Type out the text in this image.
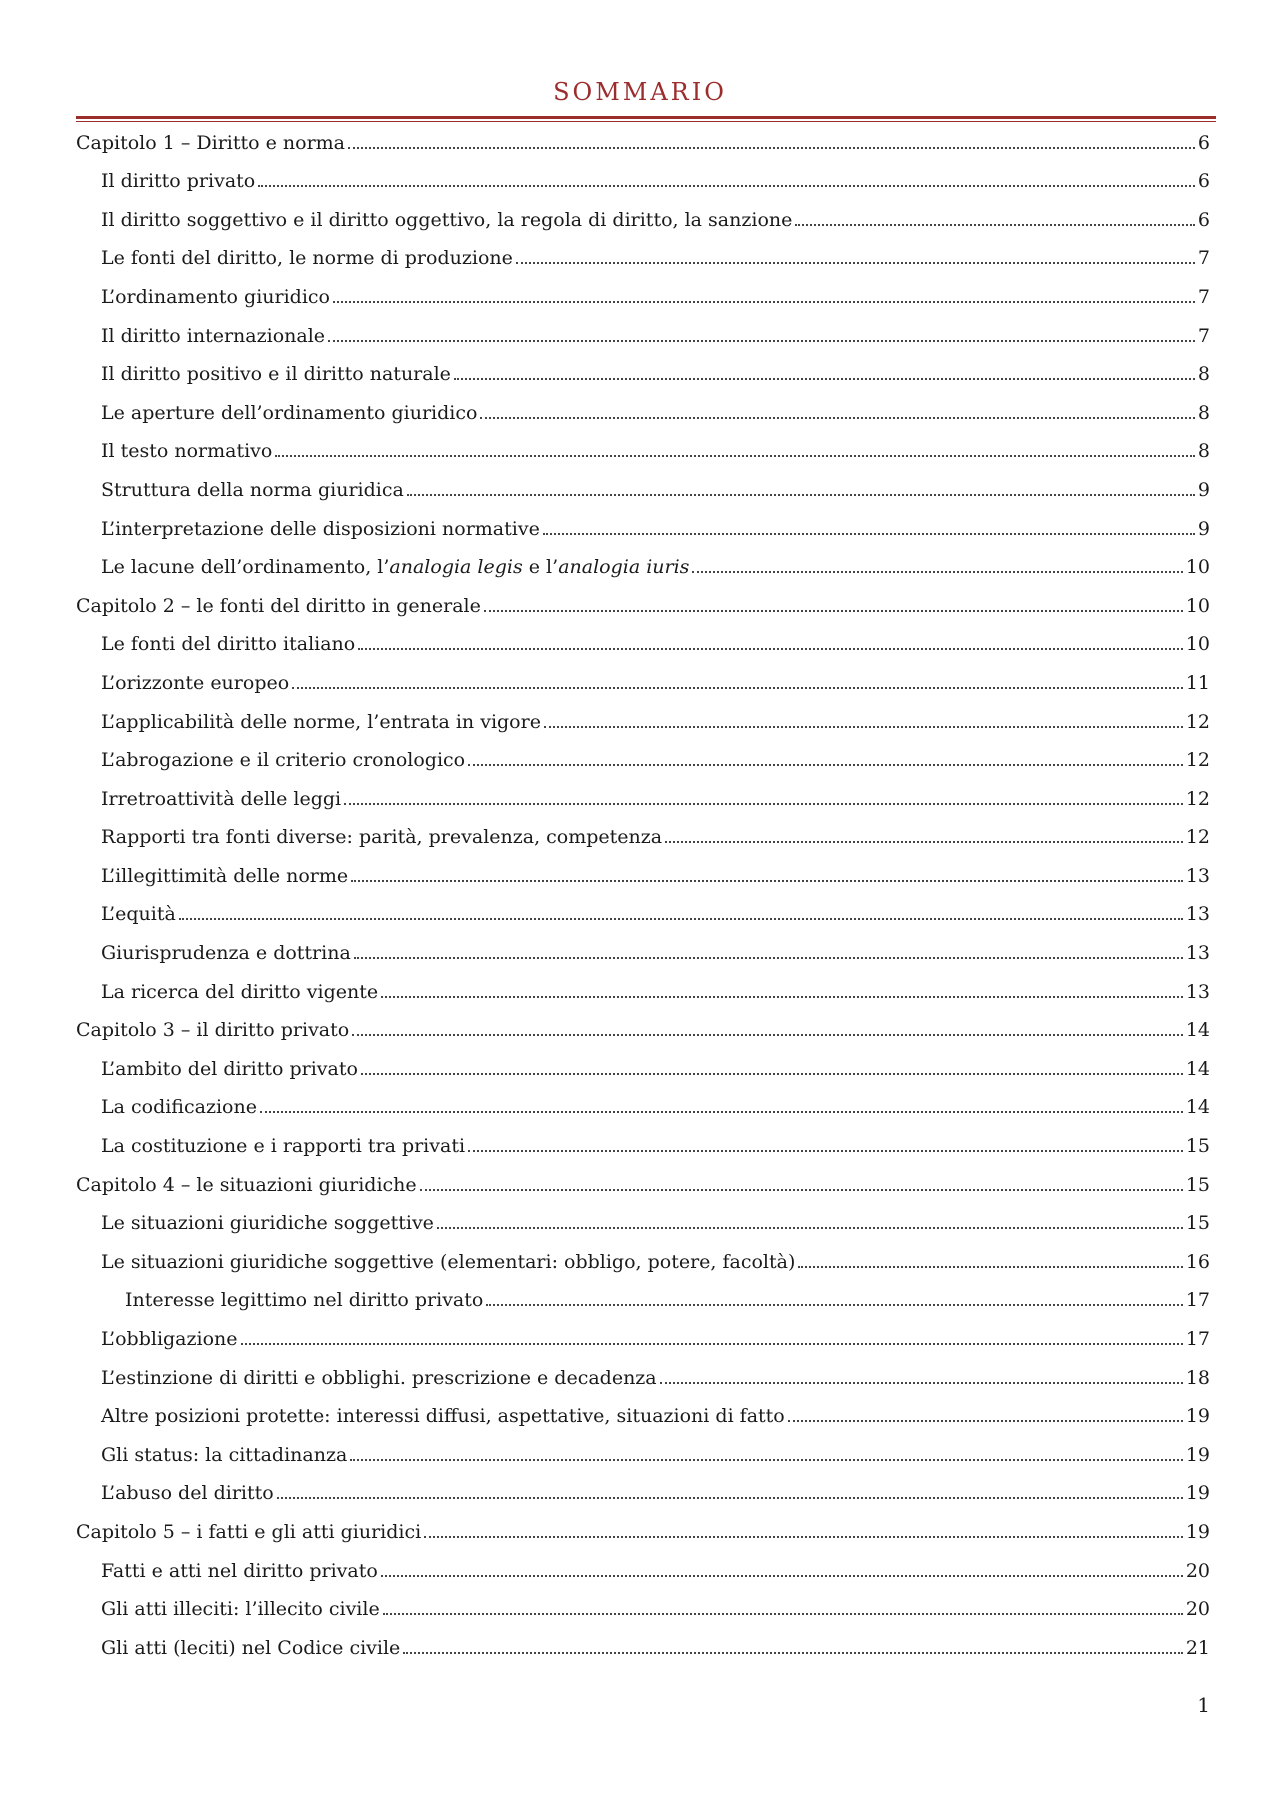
SOMMARIO
Capitolo 1 – Diritto e norma	6
Il diritto privato	6
Il diritto soggettivo e il diritto oggettivo, la regola di diritto, la sanzione	6
Le fonti del diritto, le norme di produzione	7
L’ordinamento giuridico	7
Il diritto internazionale	7
Il diritto positivo e il diritto naturale	8
Le aperture dell’ordinamento giuridico	8
Il testo normativo	8
Struttura della norma giuridica	9
L’interpretazione delle disposizioni normative	9
Le lacune dell’ordinamento, l’analogia legis e l’analogia iuris	10
Capitolo 2 – le fonti del diritto in generale	10
Le fonti del diritto italiano	10
L’orizzonte europeo	11
L’applicabilità delle norme, l’entrata in vigore	12
L’abrogazione e il criterio cronologico	12
Irretroattività delle leggi	12
Rapporti tra fonti diverse: parità, prevalenza, competenza	12
L’illegittimità delle norme	13
L’equità	13
Giurisprudenza e dottrina	13
La ricerca del diritto vigente	13
Capitolo 3 – il diritto privato	14
L’ambito del diritto privato	14
La codificazione	14
La costituzione e i rapporti tra privati	15
Capitolo 4 – le situazioni giuridiche	15
Le situazioni giuridiche soggettive	15
Le situazioni giuridiche soggettive (elementari: obbligo, potere, facoltà)	16
Interesse legittimo nel diritto privato	17
L’obbligazione	17
L’estinzione di diritti e obblighi. prescrizione e decadenza	18
Altre posizioni protette: interessi diffusi, aspettative, situazioni di fatto	19
Gli status: la cittadinanza	19
L’abuso del diritto	19
Capitolo 5 – i fatti e gli atti giuridici	19
Fatti e atti nel diritto privato	20
Gli atti illeciti: l’illecito civile	20
Gli atti (leciti) nel Codice civile	21
1
